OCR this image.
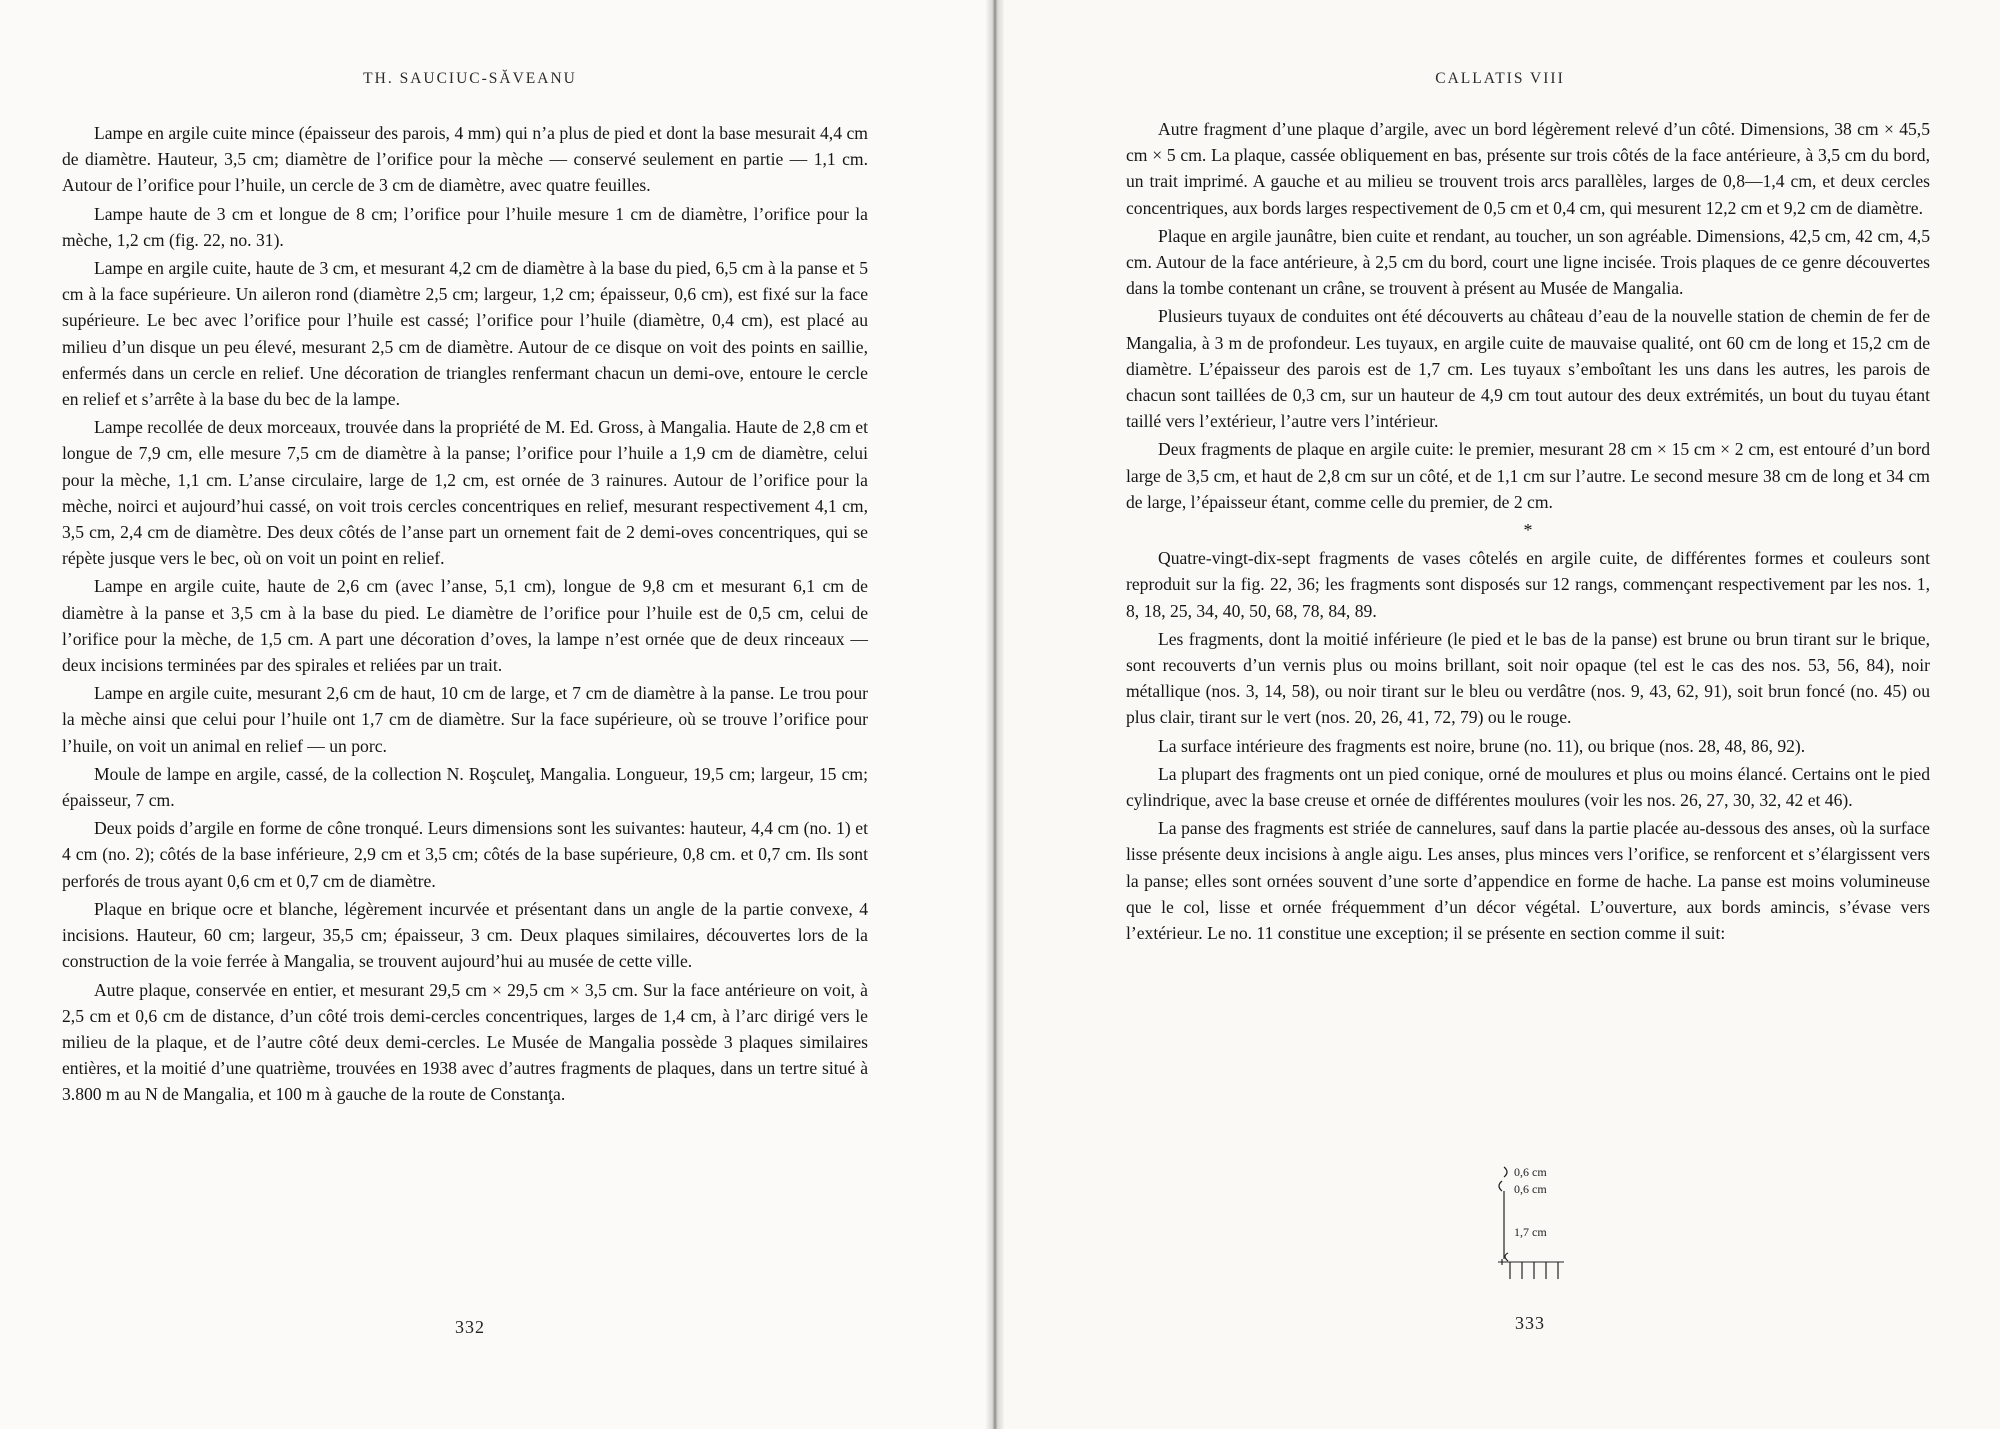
TH. SAUCIUC-SĂVEANU

Lampe en argile cuite mince (épaisseur des parois, 4 mm) qui n’a plus de pied et dont la base mesurait 4,4 cm de diamètre. Hauteur, 3,5 cm; diamètre de l’orifice pour la mèche — conservé seulement en partie — 1,1 cm. Autour de l’orifice pour l’huile, un cercle de 3 cm de diamètre, avec quatre feuilles.

Lampe haute de 3 cm et longue de 8 cm; l’orifice pour l’huile mesure 1 cm de diamètre, l’orifice pour la mèche, 1,2 cm (fig. 22, no. 31).

Lampe en argile cuite, haute de 3 cm, et mesurant 4,2 cm de diamètre à la base du pied, 6,5 cm à la panse et 5 cm à la face supérieure. Un aileron rond (diamètre 2,5 cm; largeur, 1,2 cm; épaisseur, 0,6 cm), est fixé sur la face supérieure. Le bec avec l’orifice pour l’huile est cassé; l’orifice pour l’huile (diamètre, 0,4 cm), est placé au milieu d’un disque un peu élevé, mesurant 2,5 cm de diamètre. Autour de ce disque on voit des points en saillie, enfermés dans un cercle en relief. Une décoration de triangles renfermant chacun un demi-ove, entoure le cercle en relief et s’arrête à la base du bec de la lampe.

Lampe recollée de deux morceaux, trouvée dans la propriété de M. Ed. Gross, à Mangalia. Haute de 2,8 cm et longue de 7,9 cm, elle mesure 7,5 cm de diamètre à la panse; l’orifice pour l’huile a 1,9 cm de diamètre, celui pour la mèche, 1,1 cm. L’anse circulaire, large de 1,2 cm, est ornée de 3 rainures. Autour de l’orifice pour la mèche, noirci et aujourd’hui cassé, on voit trois cercles concentriques en relief, mesurant respectivement 4,1 cm, 3,5 cm, 2,4 cm de diamètre. Des deux côtés de l’anse part un ornement fait de 2 demi-oves concentriques, qui se répète jusque vers le bec, où on voit un point en relief.

Lampe en argile cuite, haute de 2,6 cm (avec l’anse, 5,1 cm), longue de 9,8 cm et mesurant 6,1 cm de diamètre à la panse et 3,5 cm à la base du pied. Le diamètre de l’orifice pour l’huile est de 0,5 cm, celui de l’orifice pour la mèche, de 1,5 cm. A part une décoration d’oves, la lampe n’est ornée que de deux rinceaux — deux incisions terminées par des spirales et reliées par un trait.

Lampe en argile cuite, mesurant 2,6 cm de haut, 10 cm de large, et 7 cm de diamètre à la panse. Le trou pour la mèche ainsi que celui pour l’huile ont 1,7 cm de diamètre. Sur la face supérieure, où se trouve l’orifice pour l’huile, on voit un animal en relief — un porc.

Moule de lampe en argile, cassé, de la collection N. Roşculeţ, Mangalia. Longueur, 19,5 cm; largeur, 15 cm; épaisseur, 7 cm.

Deux poids d’argile en forme de cône tronqué. Leurs dimensions sont les suivantes: hauteur, 4,4 cm (no. 1) et 4 cm (no. 2); côtés de la base inférieure, 2,9 cm et 3,5 cm; côtés de la base supérieure, 0,8 cm. et 0,7 cm. Ils sont perforés de trous ayant 0,6 cm et 0,7 cm de diamètre.

Plaque en brique ocre et blanche, légèrement incurvée et présentant dans un angle de la partie convexe, 4 incisions. Hauteur, 60 cm; largeur, 35,5 cm; épaisseur, 3 cm. Deux plaques similaires, découvertes lors de la construction de la voie ferrée à Mangalia, se trouvent aujourd’hui au musée de cette ville.

Autre plaque, conservée en entier, et mesurant 29,5 cm × 29,5 cm × 3,5 cm. Sur la face antérieure on voit, à 2,5 cm et 0,6 cm de distance, d’un côté trois demi-cercles concentriques, larges de 1,4 cm, à l’arc dirigé vers le milieu de la plaque, et de l’autre côté deux demi-cercles. Le Musée de Mangalia possède 3 plaques similaires entières, et la moitié d’une quatrième, trouvées en 1938 avec d’autres fragments de plaques, dans un tertre situé à 3.800 m au N de Mangalia, et 100 m à gauche de la route de Constanţa.

332
CALLATIS VIII

Autre fragment d’une plaque d’argile, avec un bord légèrement relevé d’un côté. Dimensions, 38 cm × 45,5 cm × 5 cm. La plaque, cassée obliquement en bas, présente sur trois côtés de la face antérieure, à 3,5 cm du bord, un trait imprimé. A gauche et au milieu se trouvent trois arcs parallèles, larges de 0,8—1,4 cm, et deux cercles concentriques, aux bords larges respectivement de 0,5 cm et 0,4 cm, qui mesurent 12,2 cm et 9,2 cm de diamètre.

Plaque en argile jaunâtre, bien cuite et rendant, au toucher, un son agréable. Dimensions, 42,5 cm, 42 cm, 4,5 cm. Autour de la face antérieure, à 2,5 cm du bord, court une ligne incisée. Trois plaques de ce genre découvertes dans la tombe contenant un crâne, se trouvent à présent au Musée de Mangalia.

Plusieurs tuyaux de conduites ont été découverts au château d’eau de la nouvelle station de chemin de fer de Mangalia, à 3 m de profondeur. Les tuyaux, en argile cuite de mauvaise qualité, ont 60 cm de long et 15,2 cm de diamètre. L’épaisseur des parois est de 1,7 cm. Les tuyaux s’emboîtant les uns dans les autres, les parois de chacun sont taillées de 0,3 cm, sur un hauteur de 4,9 cm tout autour des deux extrémités, un bout du tuyau étant taillé vers l’extérieur, l’autre vers l’intérieur.

Deux fragments de plaque en argile cuite: le premier, mesurant 28 cm × 15 cm × 2 cm, est entouré d’un bord large de 3,5 cm, et haut de 2,8 cm sur un côté, et de 1,1 cm sur l’autre. Le second mesure 38 cm de long et 34 cm de large, l’épaisseur étant, comme celle du premier, de 2 cm.

*

Quatre-vingt-dix-sept fragments de vases côtelés en argile cuite, de différentes formes et couleurs sont reproduit sur la fig. 22, 36; les fragments sont disposés sur 12 rangs, commençant respectivement par les nos. 1, 8, 18, 25, 34, 40, 50, 68, 78, 84, 89.

Les fragments, dont la moitié inférieure (le pied et le bas de la panse) est brune ou brun tirant sur le brique, sont recouverts d’un vernis plus ou moins brillant, soit noir opaque (tel est le cas des nos. 53, 56, 84), noir métallique (nos. 3, 14, 58), ou noir tirant sur le bleu ou verdâtre (nos. 9, 43, 62, 91), soit brun foncé (no. 45) ou plus clair, tirant sur le vert (nos. 20, 26, 41, 72, 79) ou le rouge.

La surface intérieure des fragments est noire, brune (no. 11), ou brique (nos. 28, 48, 86, 92).

La plupart des fragments ont un pied conique, orné de moulures et plus ou moins élancé. Certains ont le pied cylindrique, avec la base creuse et ornée de différentes moulures (voir les nos. 26, 27, 30, 32, 42 et 46).

La panse des fragments est striée de cannelures, sauf dans la partie placée au-dessous des anses, où la surface lisse présente deux incisions à angle aigu. Les anses, plus minces vers l’orifice, se renforcent et s’élargissent vers la panse; elles sont ornées souvent d’une sorte d’appendice en forme de hache. La panse est moins volumineuse que le col, lisse et ornée fréquemment d’un décor végétal. L’ouverture, aux bords amincis, s’évase vers l’extérieur. Le no. 11 constitue une exception; il se présente en section comme il suit:

0,6 cm
0,6 cm
1,7 cm
333
